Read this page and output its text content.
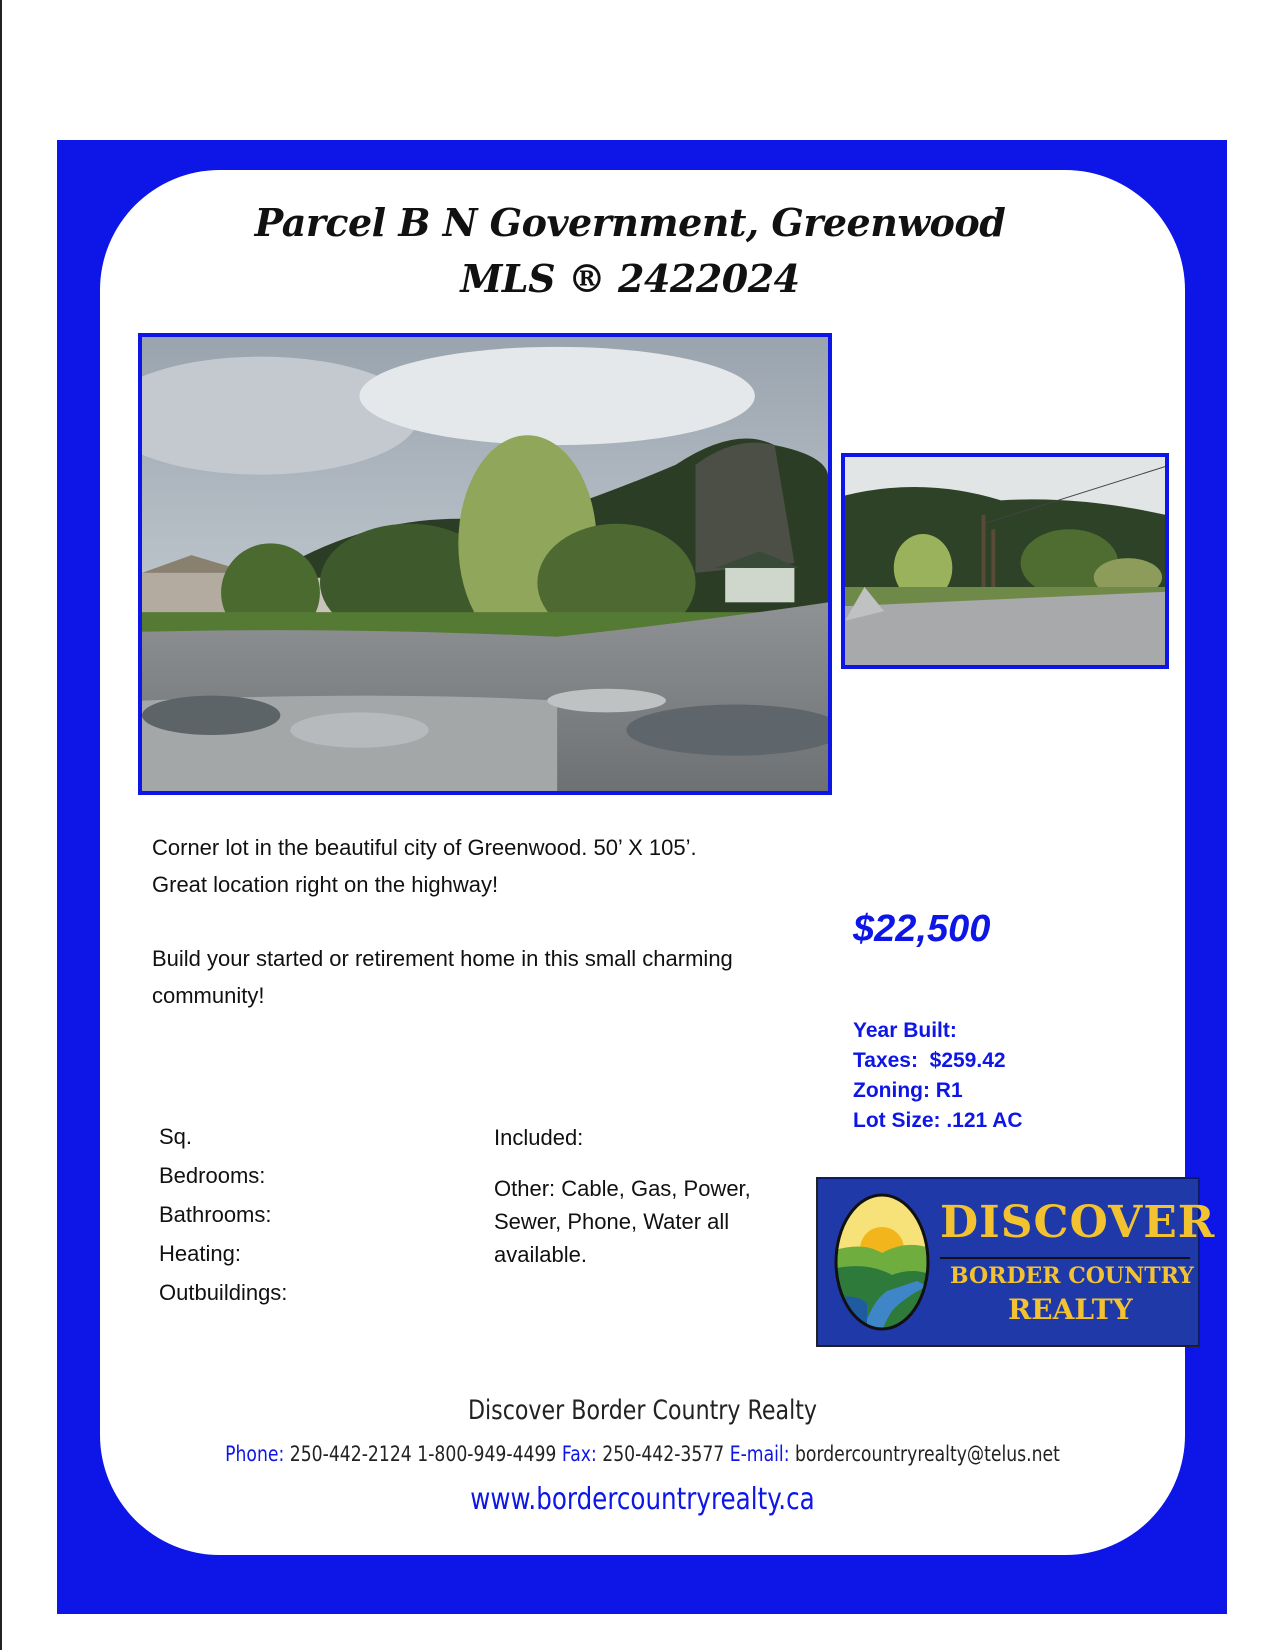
Parcel B N Government, Greenwood
MLS ® 2422024
Corner lot in the beautiful city of Greenwood. 50’ X 105’.
Great location right on the highway!
Build your started or retirement home in this small charming
community!
$22,500
Year Built:
Taxes:  $259.42
Zoning: R1
Lot Size: .121 AC
Sq.
Bedrooms:
Bathrooms:
Heating:
Outbuildings:
Included:
Other: Cable, Gas, Power,
Sewer, Phone, Water all
available.
DISCOVER
BORDER COUNTRY
REALTY
Discover Border Country Realty
Phone: 250-442-2124 1-800-949-4499 Fax: 250-442-3577 E-mail: bordercountryrealty@telus.net
www.bordercountryrealty.ca
